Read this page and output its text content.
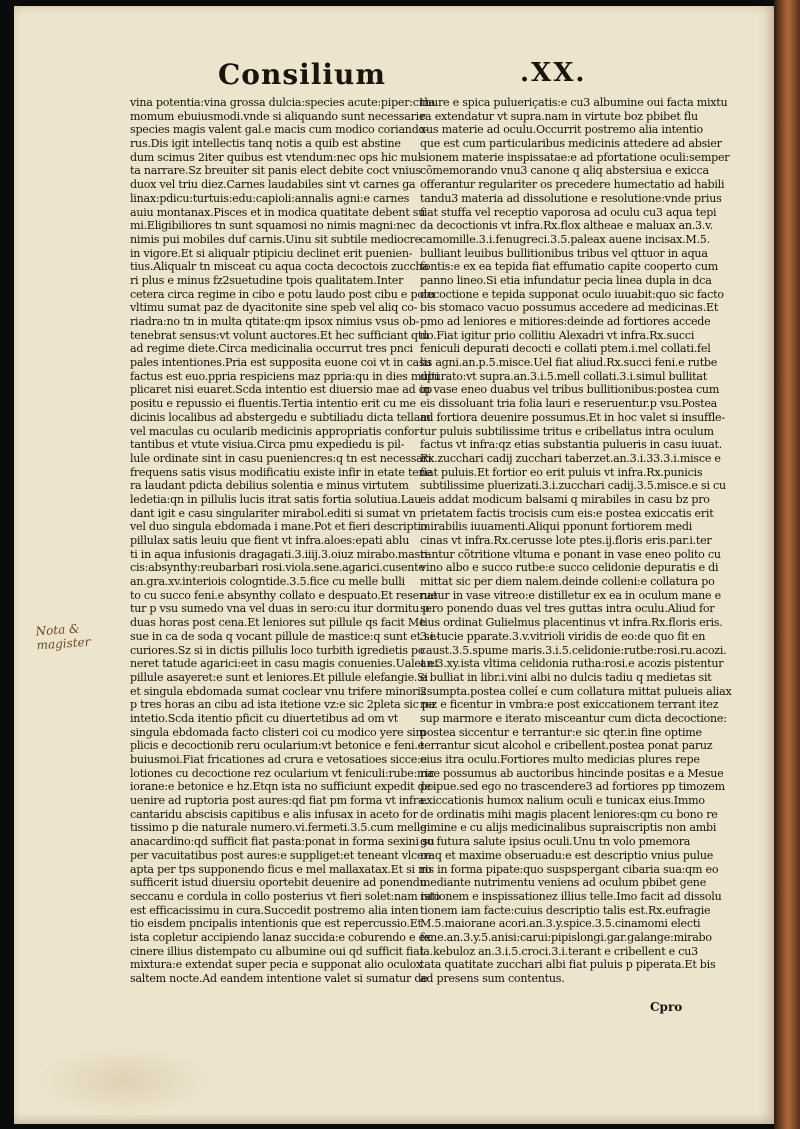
Consilium	.XX.
Nota &
magister
vina potentia:vina grossa dulcia:species acute:piper:cina
momum ebuiusmodi.vnde si aliquando sunt necessarie
species magis valent gal.e macis cum modico coriando-
rus.Dis igit intellectis tanq notis a quib est abstine
dum scimus 2iter quibus est vtendum:nec ops hic mul
ta narrare.Sz breuiter sit panis elect debite coct vnius
duox vel triu diez.Carnes laudabiles sint vt carnes ga
linax:pdicu:turtuis:edu:capioli:annalis agni:e carnes
auiu montanax.Pisces et in modica quatitate debent su
mi.Eligibiliores tn sunt squamosi no nimis magni:nec
nimis pui mobiles duf carnis.Uinu sit subtile mediocre
in vigore.Et si aliqualr ptipiciu declinet erit puenien-
tius.Aliqualr tn misceat cu aqua cocta decoctois zuccha
ri plus e minus fz2suetudine tpois qualitatem.Inter
cetera circa regime in cibo e potu laudo post cibu e potu
vltimu sumat paz de dyacitonite sine speb vel aliq co-
riadra:no tn in multa qtitate:qm ipsox nimius vsus ob-
tenebrat sensus:vt volunt auctores.Et hec sufficiant qtu
ad regime diete.Circa medicinalia occurrut tres pnci
pales intentiones.Pria est supposita euone coi vt in casu
factus est euo.ppria respiciens maz ppria:qu in dies multi
plicaret nisi euaret.Scda intentio est diuersio mae ad op
positu e repussio ei fluentis.Tertia intentio erit cu me
dicinis localibus ad abstergedu e subtiliadu dicta tellam
vel maculas cu ocularib medicinis appropriatis confor-
tantibus et vtute visiua.Circa pmu expediedu is pil-
lule ordinate sint in casu pueniencres:q tn est necessari
frequens satis visus modificatiu existe infir in etate tene
ra laudant pdicta debilius solentia e minus virtutem
ledetia:qn in pillulis lucis itrat satis fortia solutiua.Lau
dant igit e casu singulariter mirabol.editi si sumat vn
vel duo singula ebdomada i mane.Pot et fieri descriptio
pillulax satis leuiu que fient vt infra.aloes:epati ablu
ti in aqua infusionis dragagati.3.iiij.3.oiuz mirabo.masti
cis:absynthy:reubarbari rosi.viola.sene.agarici.cusente
an.gra.xv.interiois cologntide.3.5.fice cu melle bulli
to cu succo feni.e absynthy collato e despuato.Et reserue
tur p vsu sumedo vna vel duas in sero:cu itur dormitu p
duas horas post cena.Et leniores sut pillule qs facit Me
sue in ca de soda q vocant pillule de mastice:q sunt et se-
curiores.Sz si in dictis pillulis loco turbith igredietis po
neret tatude agarici:eet in casu magis conuenies.Ualet et
pillule asayeret:e sunt et leniores.Et pillule elefangie.Si
et singula ebdomada sumat coclear vnu trifere minoris
p tres horas an cibu ad ista itetione vz:e sic 2pleta sic pa
intetio.Scda itentio pficit cu diuertetibus ad om vt
singula ebdomada facto clisteri coi cu modico yere sim
plicis e decoctionib reru ocularium:vt betonice e feni.e
buiusmoi.Fiat fricationes ad crura e vetosatioes sicce:e
lotiones cu decoctione rez ocularium vt feniculi:rube:ma
iorane:e betonice e hz.Etqn ista no sufficiunt expedit de-
uenire ad ruptoria post aures:qd fiat pm forma vt infra.
cantaridu abscisis capitibus e alis infusax in aceto for
tissimo p die naturale numero.vi.fermeti.3.5.cum melle
anacardino:qd sufficit fiat pasta:ponat in forma sexini su
per vacuitatibus post aures:e suppliget:et teneant vlcera
apta per tps supponendo ficus e mel mallaxatax.Et si no
sufficerit istud diuersiu oportebit deuenire ad ponendu
seccanu e cordula in collo posterius vt fieri solet:nam isto
est efficacissimu in cura.Succedit postremo alia inten
tio eisdem pncipalis intentionis que est repercussio.Et
ista copletur accipiendo lanaz succida:e coburendo e ex
cinere illius distempato cu albumine oui qd sufficit fiat
mixtura:e extendat super pecia e supponat alio oculox
saltem nocte.Ad eandem intentione valet si sumatur de
thure e spica pulueriçatis:e cu3 albumine oui facta mixtu
ra extendatur vt supra.nam in virtute boz pbibet flu
xus materie ad oculu.Occurrit postremo alia intentio
que est cum particularibus medicinis attedere ad absier
sionem materie inspissatae:e ad pfortatione oculi:semper
cõmemorando vnu3 canone q aliq abstersiua e exicca
offerantur regulariter os precedere humectatio ad habili
tandu3 materia ad dissolutione e resolutione:vnde prius
fiat stuffa vel receptio vaporosa ad oculu cu3 aqua tepi
da decoctionis vt infra.Rx.flox altheae e maluax an.3.v.
camomille.3.i.fenugreci.3.5.paleax auene incisax.M.5.
bulliant leuibus bullitionibus tribus vel qttuor in aqua
fontis:e ex ea tepida fiat effumatio capite cooperto cum
panno lineo.Si etia infundatur pecia linea dupla in dca
decoctione e tepida supponat oculo iuuabit:quo sic facto
bis stomaco vacuo possumus accedere ad medicinas.Et
pmo ad leniores e mitiores:deinde ad fortiores accede
do.Fiat igitur prio collitiu Alexadri vt infra.Rx.succi
feniculi depurati decocti e collati ptem.i.mel collati.fel
lis agni.an.p.5.misce.Uel fiat aliud.Rx.succi feni.e rutbe
dpurato:vt supra.an.3.i.5.mell collati.3.i.simul bullitat
in vase eneo duabus vel tribus bullitionibus:postea cum
eis dissoluant tria folia lauri e reseruentur.p vsu.Postea
ad fortiora deuenire possumus.Et in hoc valet si insuffle-
tur puluis subtilissime tritus e cribellatus intra oculum
factus vt infra:qz etias substantia pulueris in casu iuuat.
Rx.zucchari cadij zucchari taberzet.an.3.i.33.3.i.misce e
fiat puluis.Et fortior eo erit puluis vt infra.Rx.punicis
subtilissime pluerizati.3.i.zucchari cadij.3.5.misce.e si cu
eis addat modicum balsami q mirabiles in casu bz pro
prietatem factis trocisis cum eis:e postea exiccatis erit
mirabilis iuuamenti.Aliqui pponunt fortiorem medi
cinas vt infra.Rx.cerusse lote ptes.ij.floris eris.par.i.ter
rantur cõtritione vltuma e ponant in vase eneo polito cu
vino albo e succo rutbe:e succo celidonie depuratis e di
mittat sic per diem nalem.deinde colleni:e collatura po
natur in vase vitreo:e distilletur ex ea in oculum mane e
sero ponendo duas vel tres guttas intra oculu.Aliud for
tius ordinat Gulielmus placentinus vt infra.Rx.floris eris.
3.i.tucie pparate.3.v.vitrioli viridis de eo:de quo fit en
caust.3.5.spume maris.3.i.5.celidonie:rutbe:rosi.ru.acozi.
an.3.xy.ista vltima celidonia rutha:rosi.e acozis pistentur
e bulliat in libr.i.vini albi no dulcis tadiu q medietas sit
2sumpta.postea colleí e cum collatura mittat pulueis aliax
rez e ficentur in vmbra:e post exiccationem terrant itez
sup marmore e iterato misceantur cum dicta decoctione:
postea siccentur e terrantur:e sic qter.in fine optime
terrantur sicut alcohol e cribellent.postea ponat paruz
eius itra oculu.Fortiores multo medicias plures repe
rire possumus ab auctoribus hincinde positas e a Mesue
pcipue.sed ego no trascendere3 ad fortiores pp timozem
exiccationis humox nalium oculi e tunicax eius.Immo
de ordinatis mihi magis placent leniores:qm cu bono re
gimine e cu alijs medicinalibus supraiscriptis non ambi
go futura salute ipsius oculi.Unu tn volo pmemora
re:q et maxime obseruadu:e est descriptio vnius pulue
ris in forma pipate:quo suspspergant cibaria sua:qm eo
mediante nutrimentu veniens ad oculum pbibet gene
rationem e inspissationez illius telle.Imo facit ad dissolu
tionem iam facte:cuius descriptio talis est.Rx.eufragie
M.5.maiorane acori.an.3.y.spice.3.5.cinamomi electi
fene.an.3.y.5.anisi:carui:pipislongi.gar.galange:mirabo
la.kebuloz an.3.i.5.croci.3.i.terant e cribellent e cu3
tata quatitate zucchari albi fiat puluis p piperata.Et bis
ad presens sum contentus.
Cpro
